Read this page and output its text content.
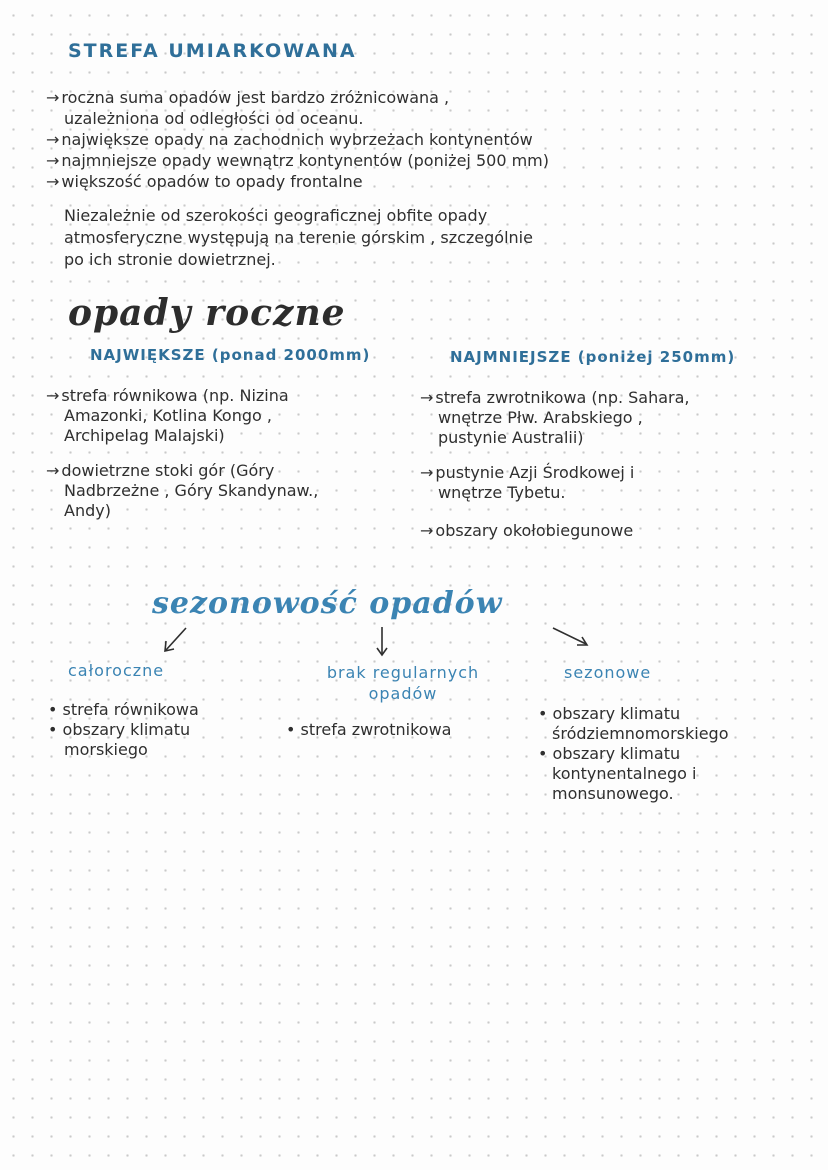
STREFA UMIARKOWANA
→ roczna suma opadów jest bardzo zróżnicowana ,
uzależniona od odległości od oceanu.
→ największe opady na zachodnich wybrzeżach kontynentów
→ najmniejsze opady wewnątrz kontynentów (poniżej 500 mm)
→ większość opadów to opady frontalne
Niezależnie od szerokości geograficznej obfite opady
atmosferyczne występują na terenie górskim , szczególnie
po ich stronie dowietrznej.
opady roczne
NAJWIĘKSZE (ponad 2000mm)	NAJMNIEJSZE (poniżej 250mm)
→ strefa równikowa (np. Nizina
Amazonki, Kotlina Kongo ,
Archipelag Malajski)
→ dowietrzne stoki gór (Góry
Nadbrzeżne , Góry Skandynaw.,
Andy)
→ strefa zwrotnikowa (np. Sahara,
wnętrze Płw. Arabskiego ,
pustynie Australii)
→ pustynie Azji Środkowej i
wnętrze Tybetu.
→ obszary okołobiegunowe
sezonowość opadów
całoroczne	brak regularnych
opadów
sezonowe
• strefa równikowa
• obszary klimatu
morskiego
• strefa zwrotnikowa
• obszary klimatu
śródziemnomorskiego
• obszary klimatu
kontynentalnego i
monsunowego.
